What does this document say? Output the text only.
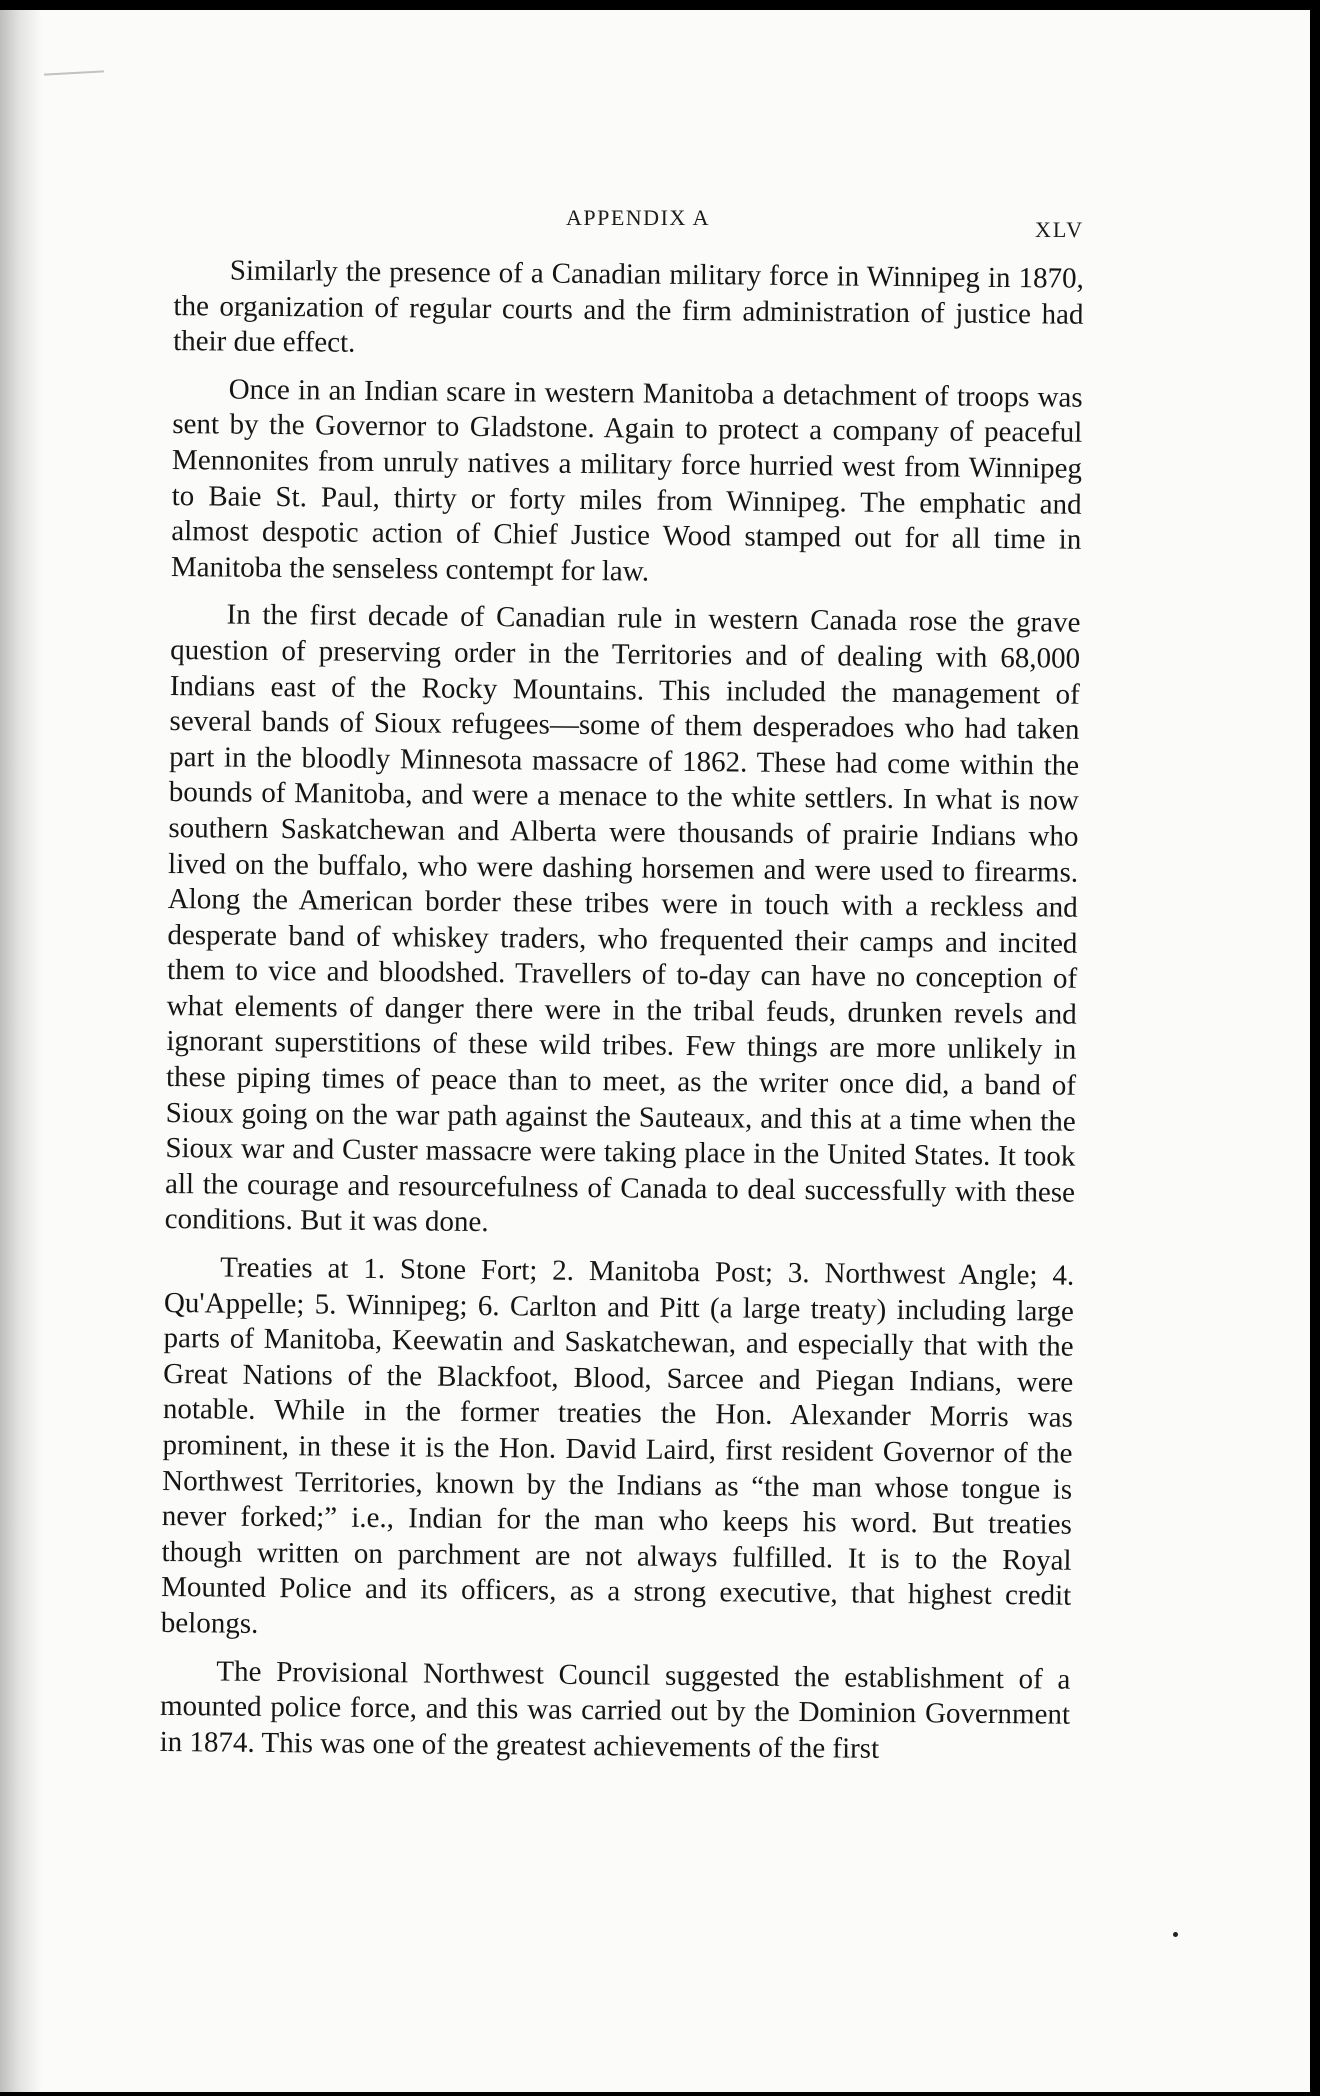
APPENDIX A	XLV

Similarly the presence of a Canadian military force in Winnipeg in 1870, the organization of regular courts and the firm administration of justice had their due effect.

Once in an Indian scare in western Manitoba a detachment of troops was sent by the Governor to Gladstone. Again to protect a company of peaceful Mennonites from unruly natives a military force hurried west from Winnipeg to Baie St. Paul, thirty or forty miles from Winnipeg. The emphatic and almost despotic action of Chief Justice Wood stamped out for all time in Manitoba the senseless contempt for law.

In the first decade of Canadian rule in western Canada rose the grave question of preserving order in the Territories and of dealing with 68,000 Indians east of the Rocky Mountains. This included the management of several bands of Sioux refugees—some of them desperadoes who had taken part in the bloodly Minnesota massacre of 1862. These had come within the bounds of Manitoba, and were a menace to the white settlers. In what is now southern Saskatchewan and Alberta were thousands of prairie Indians who lived on the buffalo, who were dashing horsemen and were used to firearms. Along the American border these tribes were in touch with a reckless and desperate band of whiskey traders, who frequented their camps and incited them to vice and bloodshed. Travellers of to-day can have no conception of what elements of danger there were in the tribal feuds, drunken revels and ignorant superstitions of these wild tribes. Few things are more unlikely in these piping times of peace than to meet, as the writer once did, a band of Sioux going on the war path against the Sauteaux, and this at a time when the Sioux war and Custer massacre were taking place in the United States. It took all the courage and resourcefulness of Canada to deal successfully with these conditions. But it was done.

Treaties at 1. Stone Fort; 2. Manitoba Post; 3. Northwest Angle; 4. Qu'Appelle; 5. Winnipeg; 6. Carlton and Pitt (a large treaty) including large parts of Manitoba, Keewatin and Saskatchewan, and especially that with the Great Nations of the Blackfoot, Blood, Sarcee and Piegan Indians, were notable. While in the former treaties the Hon. Alexander Morris was prominent, in these it is the Hon. David Laird, first resident Governor of the Northwest Territories, known by the Indians as “the man whose tongue is never forked;” i.e., Indian for the man who keeps his word. But treaties though written on parchment are not always fulfilled. It is to the Royal Mounted Police and its officers, as a strong executive, that highest credit belongs.

The Provisional Northwest Council suggested the establishment of a mounted police force, and this was carried out by the Dominion Government in 1874. This was one of the greatest achievements of the first
